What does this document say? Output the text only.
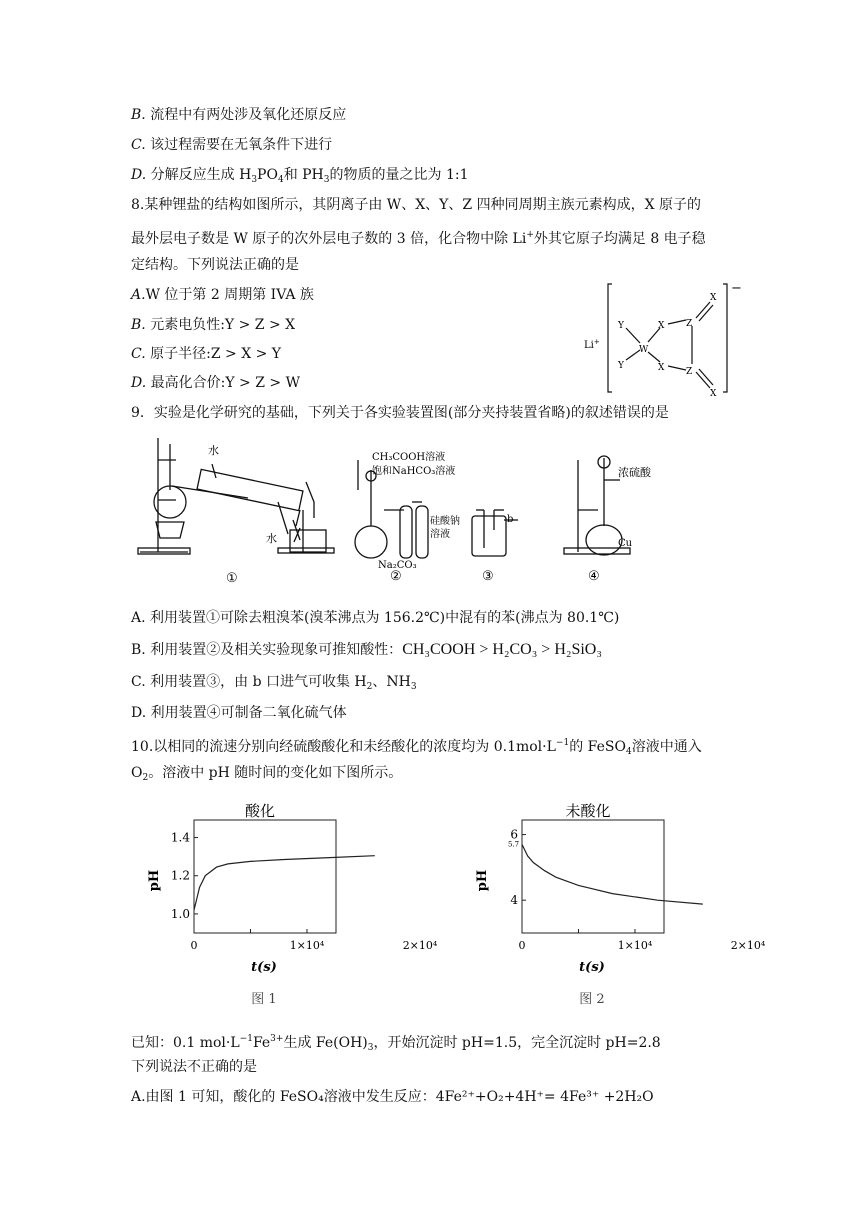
B. 流程中有两处涉及氧化还原反应
C. 该过程需要在无氧条件下进行
D. 分解反应生成 $H_3PO_4$和 $PH_3$的物质的量之比为 1:1
8.某种锂盐的结构如图所示，其阴离子由 W、X、Y、Z 四种同周期主族元素构成，X 原子的
最外层电子数是 W 原子的次外层电子数的 3 倍，化合物中除 Li+外其它原子均满足 8 电子稳
定结构。下列说法正确的是
A.W 位于第 2 周期第 IVA 族
B. 元素电负性:Y > Z > X
C. 原子半径:Z > X > Y
D. 最高化合价:Y > Z > W
Li+
W
Y
Y
X
X
Z
Z
X
X
−
9．实验是化学研究的基础，下列关于各实验装置图(部分夹持装置省略)的叙述错误的是
水
水
CH₃COOH溶液
饱和NaHCO₃溶液
硅酸钠
溶液
Na₂CO₃
b
浓硫酸
Cu
①	②	③	④
A. 利用装置①可除去粗溴苯(溴苯沸点为 156.2℃)中混有的苯(沸点为 80.1℃)
B. 利用装置②及相关实验现象可推知酸性：CH₃COOH > H₂CO₃ > H₂SiO₃
C. 利用装置③，由 b 口进气可收集 $H_2$、$NH_3$
D. 利用装置④可制备二氧化硫气体
10.以相同的流速分别向经硫酸酸化和未经酸化的浓度均为 $0.1mol\cdot L^{-1}$的 FeSO$_4$溶液中通入
$O_2$。溶液中 pH 随时间的变化如下图所示。
酸化
0	1×10⁴	2×10⁴
1.0
1.2
1.4
pH
t(s)
图 1
未酸化
0	1×10⁴	2×10⁴
4
6
pH
t(s)
5.7
图 2
已知：0.1 $mol\cdot L^{-1}Fe^{3+}$生成 $Fe(OH)_3$，开始沉淀时 pH=1.5，完全沉淀时 pH=2.8
下列说法不正确的是
A.由图 1 可知，酸化的 FeSO₄溶液中发生反应：4Fe²⁺+O₂+4H⁺= 4Fe³⁺ +2H₂O
